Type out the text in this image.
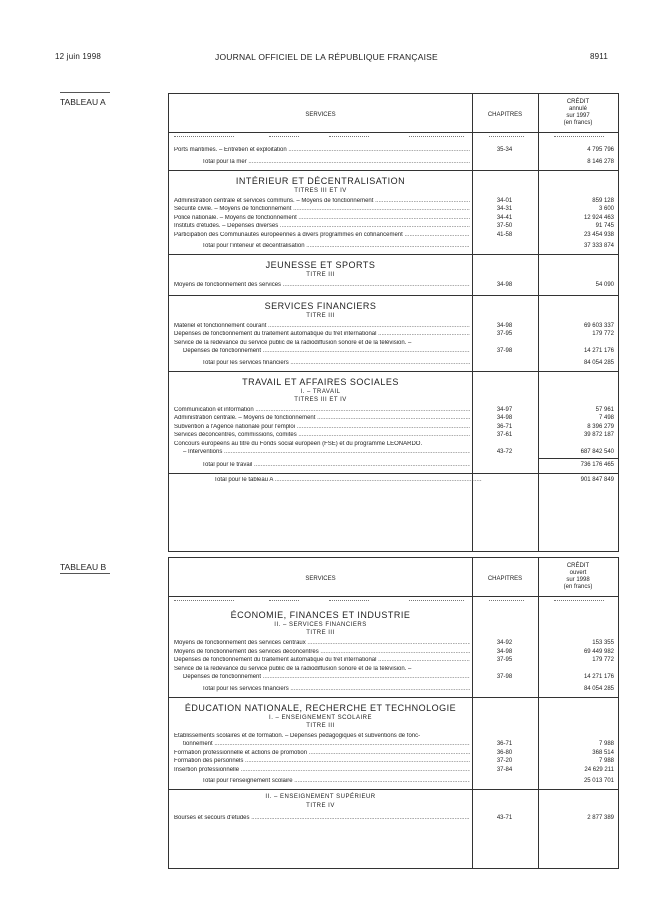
12 juin 1998	JOURNAL OFFICIEL DE LA RÉPUBLIQUE FRANÇAISE	8911
TABLEAU A
SERVICES	CHAPITRES
CRÉDIT
annulé
sur 1997
(en francs)
Ports maritimes. – Entretien et exploitation .....	35-34	4 795 796
Total pour la mer .....	8 146 278
INTÉRIEUR ET DÉCENTRALISATION
TITRES III ET IV
Administration centrale et services communs. – Moyens de fonctionnement .....	34-01	859 128
Sécurité civile. – Moyens de fonctionnement .....	34-31	3 600
Police nationale. – Moyens de fonctionnement .....	34-41	12 924 463
Instituts d'études. – Dépenses diverses .....	37-50	91 745
Participation des Communautés européennes à divers programmes en cofinancement .....	41-58	23 454 938
Total pour l'intérieur et décentralisation .....	37 333 874
JEUNESSE ET SPORTS
TITRE III
Moyens de fonctionnement des services .....	34-98	54 090
SERVICES FINANCIERS
TITRE III
Matériel et fonctionnement courant .....	34-98	69 603 337
Dépenses de fonctionnement du traitement automatique du fret international .....	37-95	179 772
Service de la redevance du service public de la radiodiffusion sonore et de la télévision. –
Dépenses de fonctionnement .....	37-98	14 271 176
Total pour les services financiers .....	84 054 285
TRAVAIL ET AFFAIRES SOCIALES
I. – TRAVAIL
TITRES III ET IV
Communication et information .....	34-97	57 961
Administration centrale. – Moyens de fonctionnement .....	34-98	7 498
Subvention à l'Agence nationale pour l'emploi .....	36-71	8 396 279
Services déconcentrés, commissions, comités .....	37-61	39 872 187
Concours européens au titre du Fonds social européen (FSE) et du programme LEONARDO.
– Interventions .....	43-72	687 842 540
Total pour le travail .....	736 176 465
Total pour le tableau A .....	901 847 849
TABLEAU B
SERVICES	CHAPITRES
CRÉDIT
ouvert
sur 1998
(en francs)
ÉCONOMIE, FINANCES ET INDUSTRIE
II. – SERVICES FINANCIERS
TITRE III
Moyens de fonctionnement des services centraux .....	34-92	153 355
Moyens de fonctionnement des services déconcentrés .....	34-98	69 449 982
Dépenses de fonctionnement du traitement automatique du fret international .....	37-95	179 772
Service de la redevance du service public de la radiodiffusion sonore et de la télévision. –
Dépenses de fonctionnement .....	37-98	14 271 176
Total pour les services financiers .....	84 054 285
ÉDUCATION NATIONALE, RECHERCHE ET TECHNOLOGIE
I. – ENSEIGNEMENT SCOLAIRE
TITRE III
Établissements scolaires et de formation. – Dépenses pédagogiques et subventions de fonc-
tionnement .....	36-71	7 988
Formation professionnelle et actions de promotion .....	36-80	368 514
Formation des personnels .....	37-20	7 988
Insertion professionnelle .....	37-84	24 629 211
Total pour l'enseignement scolaire .....	25 013 701
II. – ENSEIGNEMENT SUPÉRIEUR
TITRE IV
Bourses et secours d'études .....	43-71	2 877 389
